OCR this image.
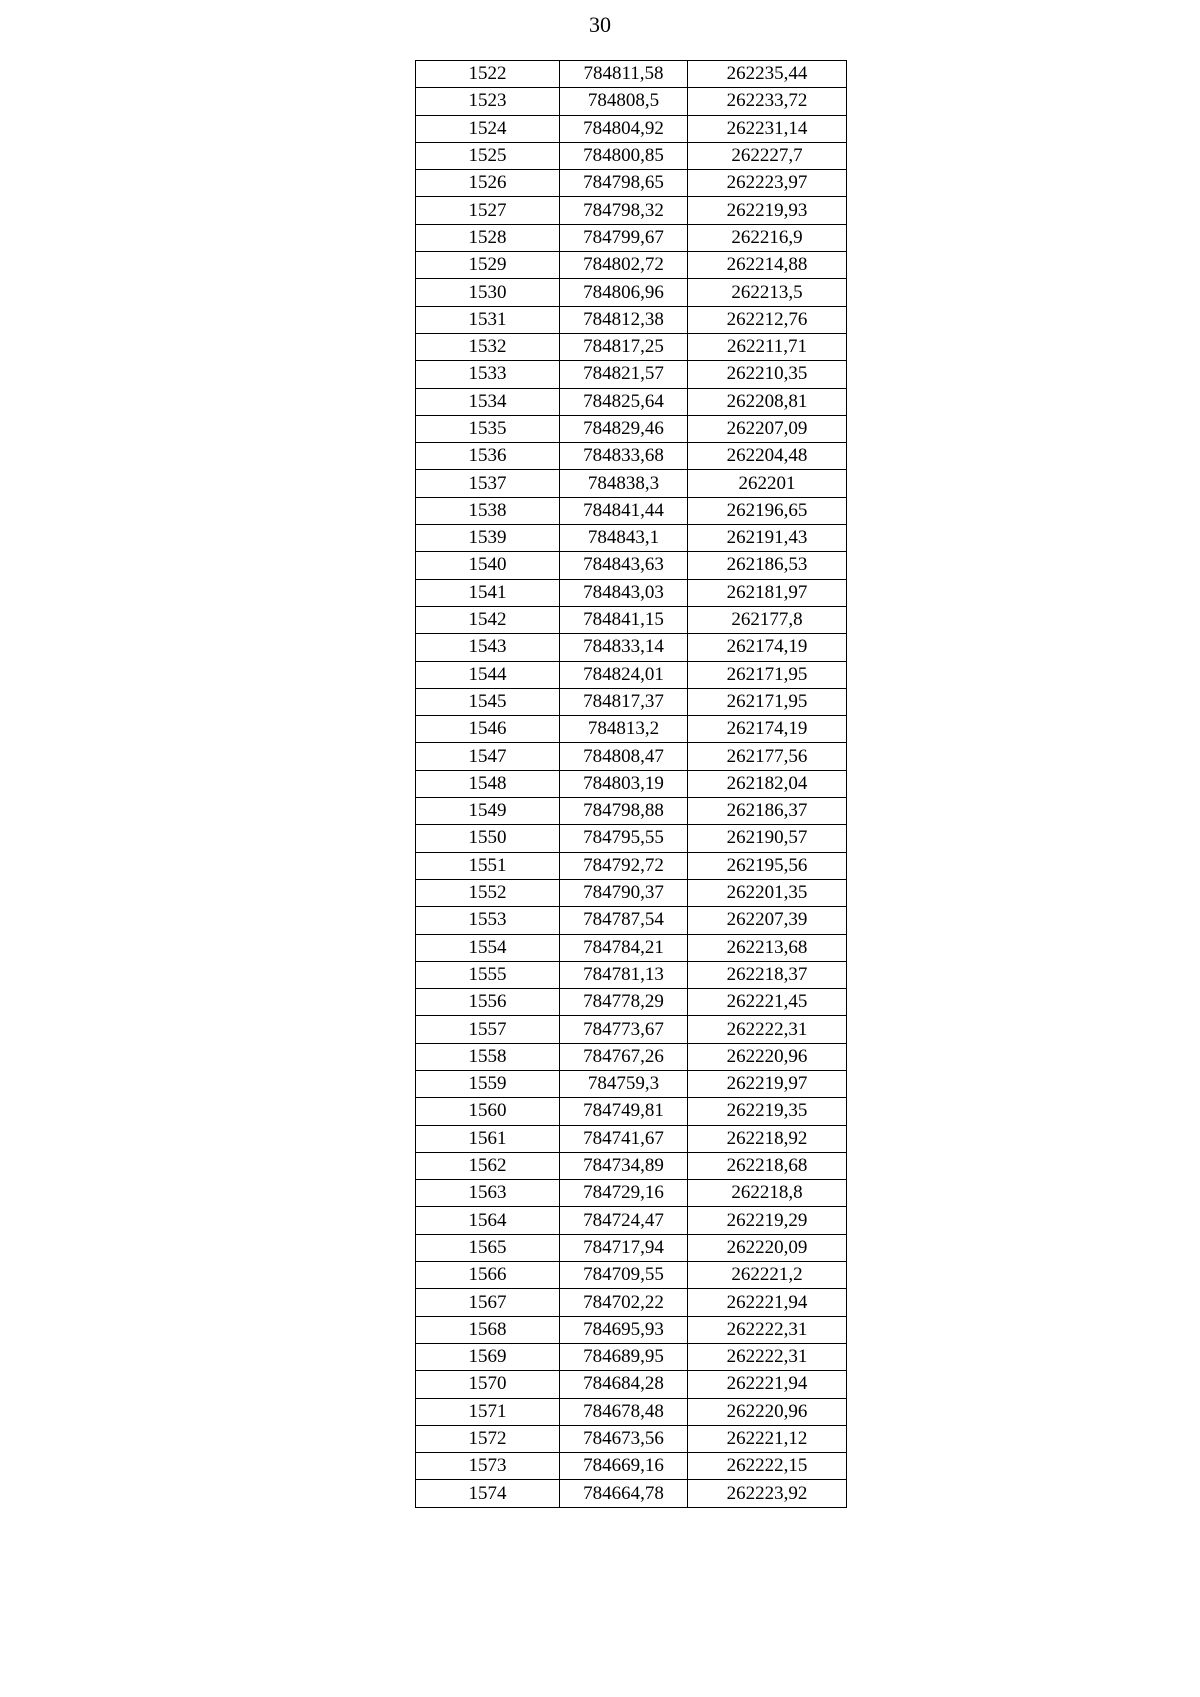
30
1522	784811,58	262235,44
1523	784808,5	262233,72
1524	784804,92	262231,14
1525	784800,85	262227,7
1526	784798,65	262223,97
1527	784798,32	262219,93
1528	784799,67	262216,9
1529	784802,72	262214,88
1530	784806,96	262213,5
1531	784812,38	262212,76
1532	784817,25	262211,71
1533	784821,57	262210,35
1534	784825,64	262208,81
1535	784829,46	262207,09
1536	784833,68	262204,48
1537	784838,3	262201
1538	784841,44	262196,65
1539	784843,1	262191,43
1540	784843,63	262186,53
1541	784843,03	262181,97
1542	784841,15	262177,8
1543	784833,14	262174,19
1544	784824,01	262171,95
1545	784817,37	262171,95
1546	784813,2	262174,19
1547	784808,47	262177,56
1548	784803,19	262182,04
1549	784798,88	262186,37
1550	784795,55	262190,57
1551	784792,72	262195,56
1552	784790,37	262201,35
1553	784787,54	262207,39
1554	784784,21	262213,68
1555	784781,13	262218,37
1556	784778,29	262221,45
1557	784773,67	262222,31
1558	784767,26	262220,96
1559	784759,3	262219,97
1560	784749,81	262219,35
1561	784741,67	262218,92
1562	784734,89	262218,68
1563	784729,16	262218,8
1564	784724,47	262219,29
1565	784717,94	262220,09
1566	784709,55	262221,2
1567	784702,22	262221,94
1568	784695,93	262222,31
1569	784689,95	262222,31
1570	784684,28	262221,94
1571	784678,48	262220,96
1572	784673,56	262221,12
1573	784669,16	262222,15
1574	784664,78	262223,92
